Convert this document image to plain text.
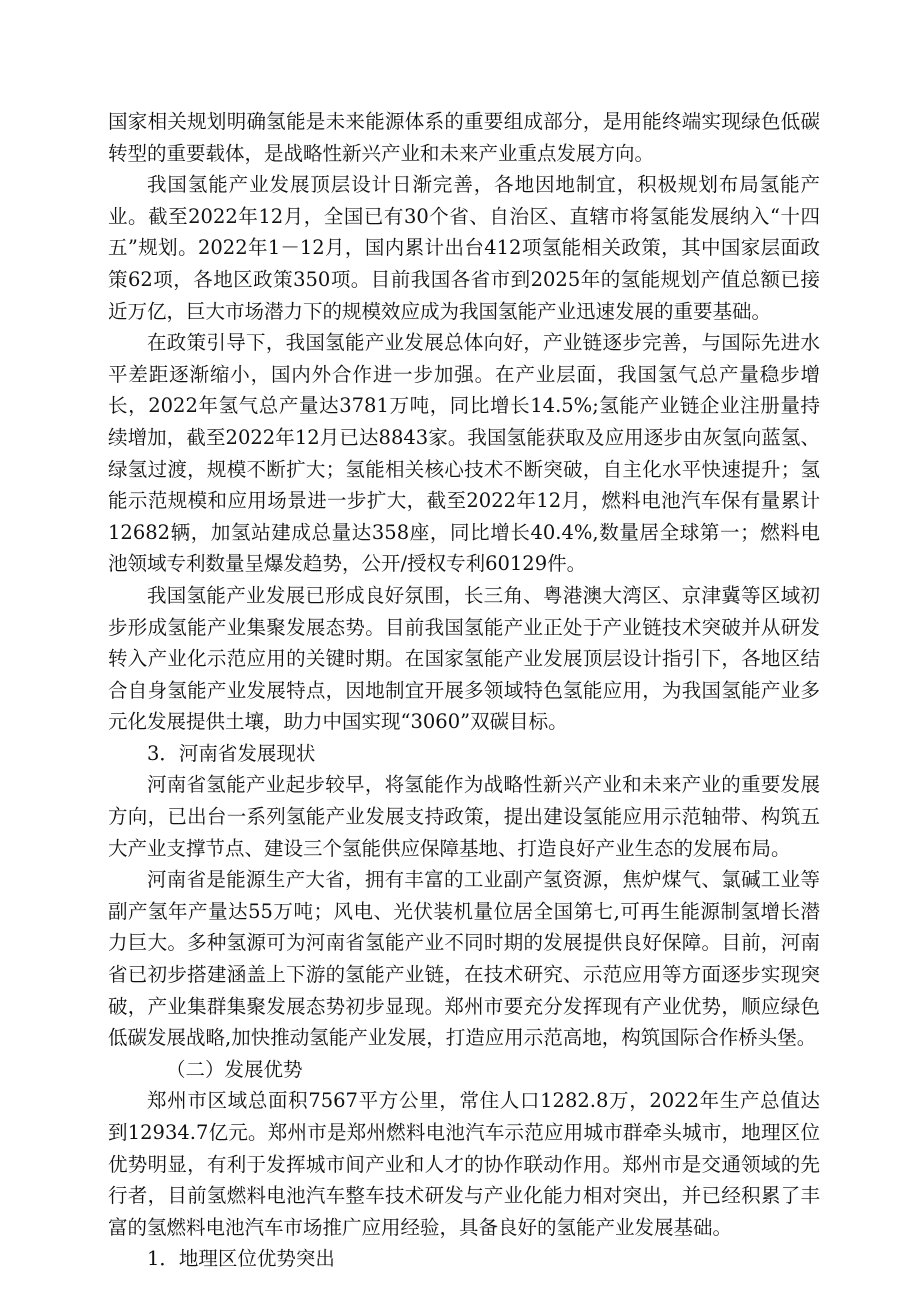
国家相关规划明确氢能是未来能源体系的重要组成部分，是用能终端实现绿色低碳转型的重要载体，是战略性新兴产业和未来产业重点发展方向。

我国氢能产业发展顶层设计日渐完善，各地因地制宜，积极规划布局氢能产业。截至2022年12月，全国已有30个省、自治区、直辖市将氢能发展纳入“十四五”规划。2022年1－12月，国内累计出台412项氢能相关政策，其中国家层面政策62项，各地区政策350项。目前我国各省市到2025年的氢能规划产值总额已接近万亿，巨大市场潜力下的规模效应成为我国氢能产业迅速发展的重要基础。

在政策引导下，我国氢能产业发展总体向好，产业链逐步完善，与国际先进水平差距逐渐缩小，国内外合作进一步加强。在产业层面，我国氢气总产量稳步增长，2022年氢气总产量达3781万吨，同比增长14.5%;氢能产业链企业注册量持续增加，截至2022年12月已达8843家。我国氢能获取及应用逐步由灰氢向蓝氢、绿氢过渡，规模不断扩大；氢能相关核心技术不断突破，自主化水平快速提升；氢能示范规模和应用场景进一步扩大，截至2022年12月，燃料电池汽车保有量累计12682辆，加氢站建成总量达358座，同比增长40.4%,数量居全球第一；燃料电池领域专利数量呈爆发趋势，公开/授权专利60129件。

我国氢能产业发展已形成良好氛围，长三角、粤港澳大湾区、京津冀等区域初步形成氢能产业集聚发展态势。目前我国氢能产业正处于产业链技术突破并从研发转入产业化示范应用的关键时期。在国家氢能产业发展顶层设计指引下，各地区结合自身氢能产业发展特点，因地制宜开展多领域特色氢能应用，为我国氢能产业多元化发展提供土壤，助力中国实现“3060”双碳目标。

3．河南省发展现状

河南省氢能产业起步较早，将氢能作为战略性新兴产业和未来产业的重要发展方向，已出台一系列氢能产业发展支持政策，提出建设氢能应用示范轴带、构筑五大产业支撑节点、建设三个氢能供应保障基地、打造良好产业生态的发展布局。

河南省是能源生产大省，拥有丰富的工业副产氢资源，焦炉煤气、氯碱工业等副产氢年产量达55万吨；风电、光伏装机量位居全国第七,可再生能源制氢增长潜力巨大。多种氢源可为河南省氢能产业不同时期的发展提供良好保障。目前，河南省已初步搭建涵盖上下游的氢能产业链，在技术研究、示范应用等方面逐步实现突破，产业集群集聚发展态势初步显现。郑州市要充分发挥现有产业优势，顺应绿色低碳发展战略,加快推动氢能产业发展，打造应用示范高地，构筑国际合作桥头堡。

（二）发展优势

郑州市区域总面积7567平方公里，常住人口1282.8万，2022年生产总值达到12934.7亿元。郑州市是郑州燃料电池汽车示范应用城市群牵头城市，地理区位优势明显，有利于发挥城市间产业和人才的协作联动作用。郑州市是交通领域的先行者，目前氢燃料电池汽车整车技术研发与产业化能力相对突出，并已经积累了丰富的氢燃料电池汽车市场推广应用经验，具备良好的氢能产业发展基础。

1．地理区位优势突出
